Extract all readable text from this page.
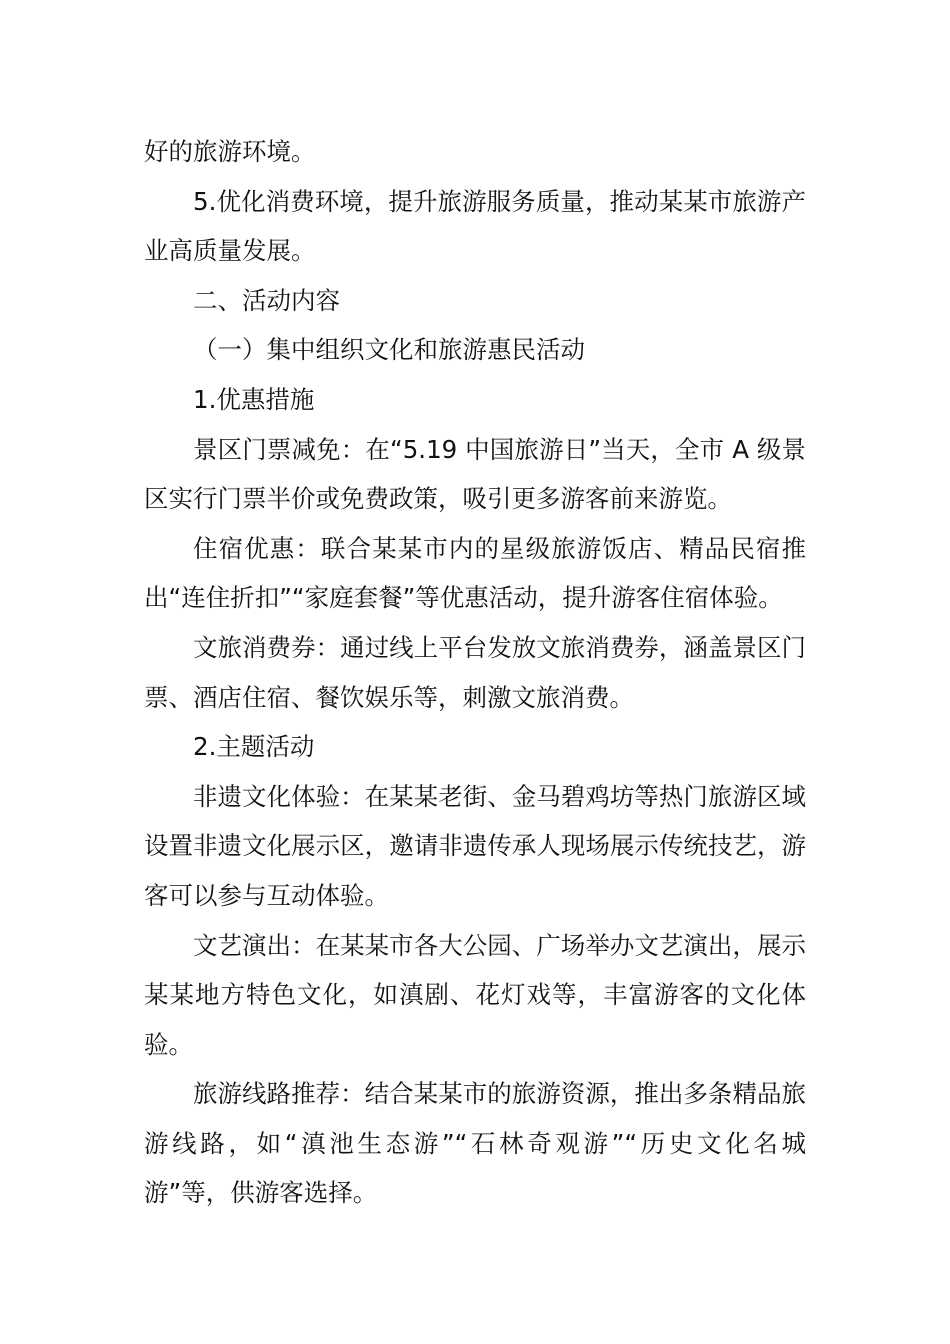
好的旅游环境。

5.优化消费环境，提升旅游服务质量，推动某某市旅游产业高质量发展。

二、活动内容

（一）集中组织文化和旅游惠民活动

1.优惠措施

景区门票减免：在“5.19 中国旅游日”当天，全市 A 级景区实行门票半价或免费政策，吸引更多游客前来游览。

住宿优惠：联合某某市内的星级旅游饭店、精品民宿推出“连住折扣”“家庭套餐”等优惠活动，提升游客住宿体验。

文旅消费券：通过线上平台发放文旅消费券，涵盖景区门票、酒店住宿、餐饮娱乐等，刺激文旅消费。

2.主题活动

非遗文化体验：在某某老街、金马碧鸡坊等热门旅游区域设置非遗文化展示区，邀请非遗传承人现场展示传统技艺，游客可以参与互动体验。

文艺演出：在某某市各大公园、广场举办文艺演出，展示某某地方特色文化，如滇剧、花灯戏等，丰富游客的文化体验。

旅游线路推荐：结合某某市的旅游资源，推出多条精品旅游线路，如“滇池生态游”“石林奇观游”“历史文化名城游”等，供游客选择。
